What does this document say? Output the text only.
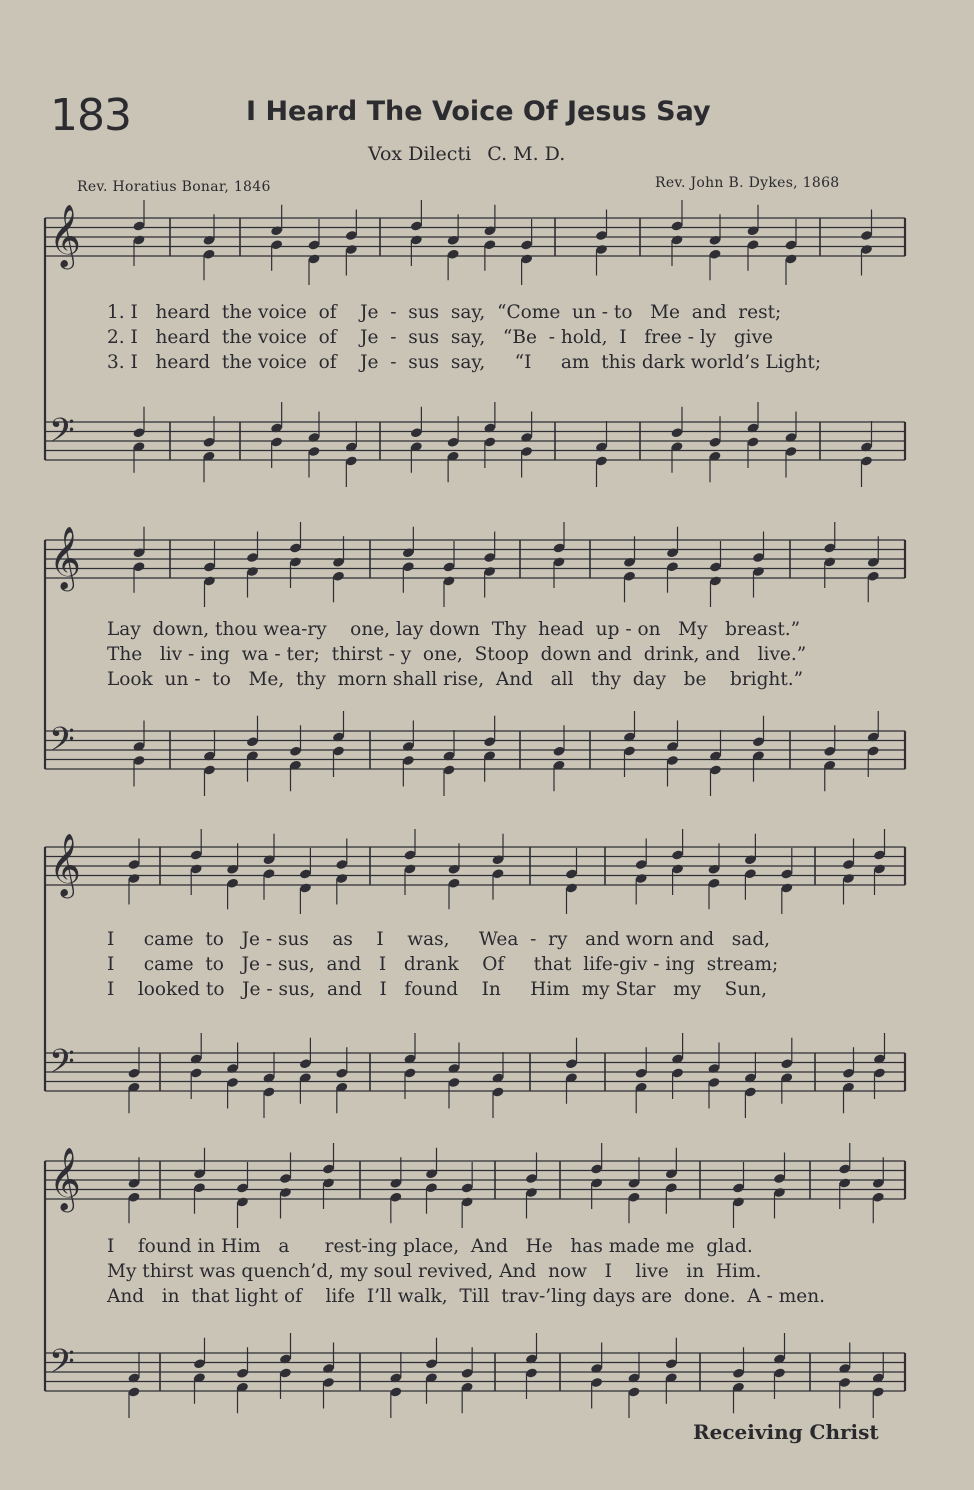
183	I Heard The Voice Of Jesus Say
Vox Dilecti C. M. D.
Rev. Horatius Bonar, 1846	Rev. John B. Dykes, 1868
𝄞
𝄢
𝄞
𝄢
𝄞
𝄢
𝄞
𝄢
1. I   heard  the voice  of    Je  -  sus  say,  “Come  un - to   Me  and  rest;
2. I   heard  the voice  of    Je  -  sus  say,   “Be  - hold,  I   free - ly   give
3. I   heard  the voice  of    Je  -  sus  say,     “I     am  this dark world’s Light;
Lay  down, thou wea-ry    one, lay down  Thy  head  up - on   My   breast.”
The   liv - ing  wa - ter;  thirst - y  one,  Stoop  down and  drink, and   live.”
Look  un -  to   Me,  thy  morn shall rise,  And   all   thy  day   be    bright.”
I     came  to   Je - sus    as    I    was,     Wea  -  ry   and worn and   sad,
I     came  to   Je - sus,  and   I   drank    Of     that  life-giv - ing  stream;
I    looked to   Je - sus,  and   I   found    In     Him  my Star   my    Sun,
I    found in Him   a      rest-ing place,  And   He   has made me  glad.
My thirst was quench’d, my soul revived, And  now   I    live   in  Him.
And   in  that light of    life  I’ll walk,  Till  trav-’ling days are  done.  A - men.
Receiving Christ
